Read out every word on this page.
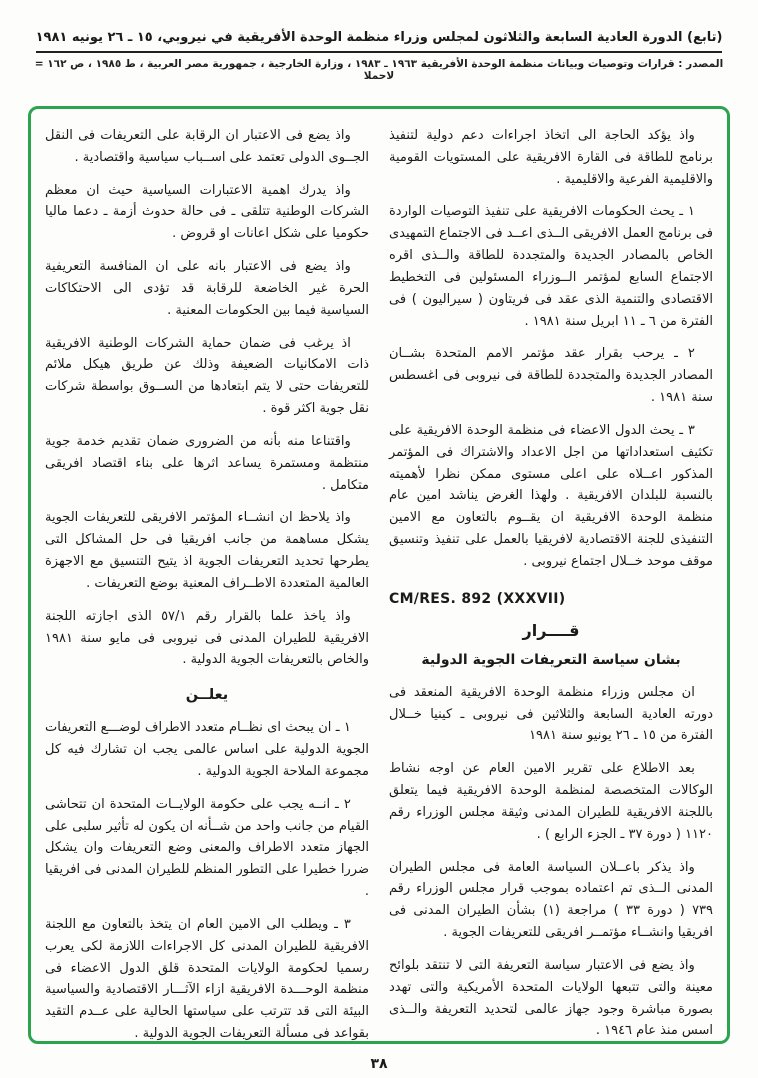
(تابع) الدورة العادية السابعة والثلاثون لمجلس وزراء منظمة الوحدة الأفريقية في نيروبي، ١٥ ـ ٢٦ يونيه ١٩٨١
المصدر : قرارات وتوصيات وبيانات منظمة الوحدة الأفريقية ١٩٦٣ ـ ١٩٨٣ ، وزارة الخارجية ، جمهورية مصر العربية ، ط ١٩٨٥ ، ص ١٦٢ = لاحملا

واذ يؤكد الحاجة الى اتخاذ اجراءات دعم دولية لتنفيذ برنامج للطاقة فى القارة الافريقية على المستويات القومية والاقليمية الفرعية والاقليمية .

١ ـ يحث الحكومات الافريقية على تنفيذ التوصيات الواردة فى برنامج العمل الافريقى الــذى اعــد فى الاجتماع التمهيدى الخاص بالمصادر الجديدة والمتجددة للطاقة والــذى اقره الاجتماع السابع لمؤتمر الــوزراء المسئولين فى التخطيط الاقتصادى والتنمية الذى عقد فى فريتاون ( سيراليون ) فى الفترة من ٦ ـ ١١ ابريل سنة ١٩٨١ .

٢ ـ يرحب بقرار عقد مؤتمر الامم المتحدة بشــان المصادر الجديدة والمتجددة للطاقة فى نيروبى فى اغسطس سنة ١٩٨١ .

٣ ـ يحث الدول الاعضاء فى منظمة الوحدة الافريقية على تكثيف استعداداتها من اجل الاعداد والاشتراك فى المؤتمر المذكور اعــلاه على اعلى مستوى ممكن نظرا لأهميته بالنسبة للبلدان الافريقية . ولهذا الغرض يناشد امين عام منظمة الوحدة الافريقية ان يقــوم بالتعاون مع الامين التنفيذى للجنة الاقتصادية لافريقيا بالعمل على تنفيذ وتنسيق موقف موحد خــلال اجتماع نيروبى .

CM/RES. 892 (XXXVII)
قــــرار
بشان سياسة التعريفات الجوية الدولية

ان مجلس وزراء منظمة الوحدة الافريقية المنعقد فى دورته العادية السابعة والثلاثين فى نيروبى ـ كينيا خــلال الفترة من ١٥ ـ ٢٦ يونيو سنة ١٩٨١

بعد الاطلاع على تقرير الامين العام عن اوجه نشاط الوكالات المتخصصة لمنظمة الوحدة الافريقية فيما يتعلق باللجنة الافريقية للطيران المدنى وثيقة مجلس الوزراء رقم ١١٢٠ ( دورة ٣٧ ـ الجزء الرابع ) .

واذ يذكر باعــلان السياسة العامة فى مجلس الطيران المدنى الــذى تم اعتماده بموجب قرار مجلس الوزراء رقم ٧٣٩ ( دورة ٣٣ ) مراجعة (١) بشأن الطيران المدنى فى افريقيا وانشــاء مؤتمــر افريقى للتعريفات الجوية .

واذ يضع فى الاعتبار سياسة التعريفة التى لا تنتقد بلوائح معينة والتى تتبعها الولايات المتحدة الأمريكية والتى تهدد بصورة مباشرة وجود جهاز عالمى لتحديد التعريفة والــذى اسس منذ عام ١٩٤٦ .

واذ يضع فى الاعتبار ان الرقابة على التعريفات فى النقل الجــوى الدولى تعتمد على اســباب سياسية واقتصادية .

واذ يدرك اهمية الاعتبارات السياسية حيث ان معظم الشركات الوطنية تتلقى ـ فى حالة حدوث أزمة ـ دعما ماليا حكوميا على شكل اعانات او قروض .

واذ يضع فى الاعتبار بانه على ان المنافسة التعريفية الحرة غير الخاضعة للرقابة قد تؤدى الى الاحتكاكات السياسية فيما بين الحكومات المعنية .

اذ يرغب فى ضمان حماية الشركات الوطنية الافريقية ذات الامكانيات الضعيفة وذلك عن طريق هيكل ملائم للتعريفات حتى لا يتم ابتعادها من الســوق بواسطة شركات نقل جوية اكثر قوة .

واقتناعا منه بأنه من الضرورى ضمان تقديم خدمة جوية منتظمة ومستمرة يساعد اثرها على بناء اقتصاد افريقى متكامل .

واذ يلاحظ ان انشــاء المؤتمر الافريقى للتعريفات الجوية يشكل مساهمة من جانب افريقيا فى حل المشاكل التى يطرحها تحديد التعريفات الجوية اذ يتيح التنسيق مع الاجهزة العالمية المتعددة الاطــراف المعنية بوضع التعريفات .

واذ ياخذ علما بالقرار رقم ٥٧/١ الذى اجازته اللجنة الافريقية للطيران المدنى فى نيروبى فى مايو سنة ١٩٨١ والخاص بالتعريفات الجوية الدولية .

يعلــن

١ ـ ان يبحث اى نظــام متعدد الاطراف لوضـــع التعريفات الجوية الدولية على اساس عالمى يجب ان تشارك فيه كل مجموعة الملاحة الجوية الدولية .

٢ ـ انــه يجب على حكومة الولايــات المتحدة ان تتحاشى القيام من جانب واحد من شــأنه ان يكون له تأثير سلبى على الجهاز متعدد الاطراف والمعنى وضع التعريفات وان يشكل ضررا خطيرا على التطور المنظم للطيران المدنى فى افريقيا .

٣ ـ ويطلب الى الامين العام ان يتخذ بالتعاون مع اللجنة الافريقية للطيران المدنى كل الاجراءات اللازمة لكى يعرب رسميا لحكومة الولايات المتحدة قلق الدول الاعضاء فى منظمة الوحـــدة الافريقية ازاء الآثـــار الاقتصادية والسياسية البيئة التى قد تترتب على سياستها الحالية على عــدم التقيد بقواعد فى مسألة التعريفات الجوية الدولية .

٣٨
